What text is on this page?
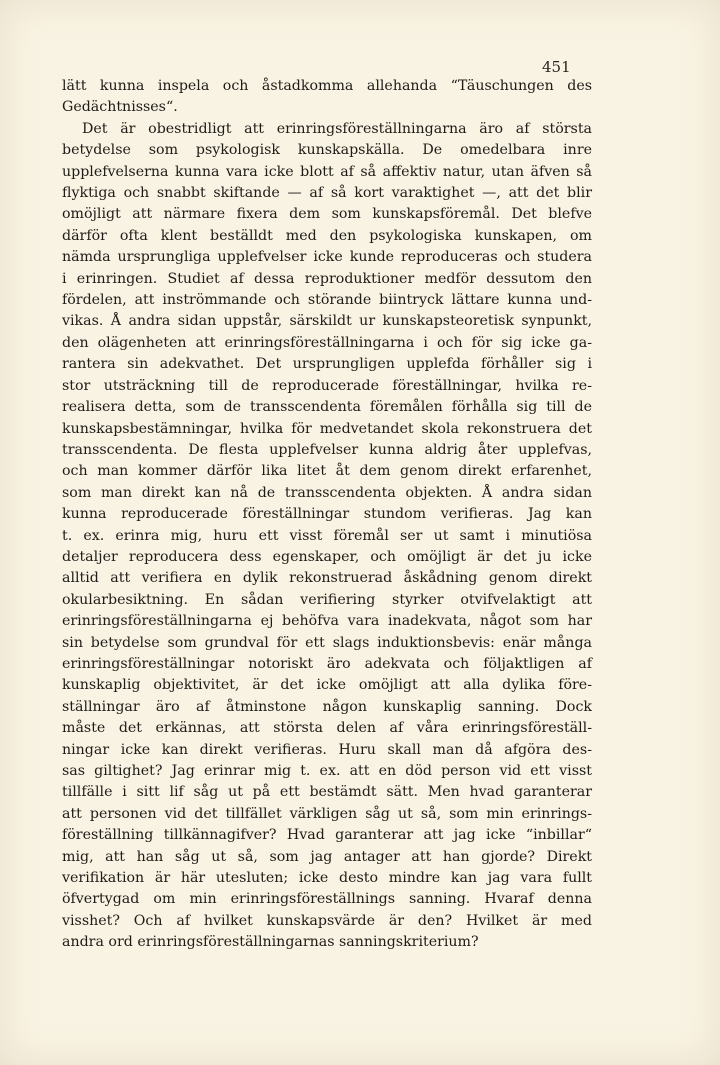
451
lätt kunna inspela och åstadkomma allehanda “Täuschungen des
Gedächtnisses“.
Det är obestridligt att erinringsföreställningarna äro af största
betydelse som psykologisk kunskapskälla. De omedelbara inre
upplefvelserna kunna vara icke blott af så affektiv natur, utan äfven så
flyktiga och snabbt skiftande — af så kort varaktighet —, att det blir
omöjligt att närmare fixera dem som kunskapsföremål. Det blefve
därför ofta klent beställdt med den psykologiska kunskapen, om
nämda ursprungliga upplefvelser icke kunde reproduceras och studera
i erinringen. Studiet af dessa reproduktioner medför dessutom den
fördelen, att inströmmande och störande biintryck lättare kunna und-
vikas. Å andra sidan uppstår, särskildt ur kunskapsteoretisk synpunkt,
den olägenheten att erinringsföreställningarna i och för sig icke ga-
rantera sin adekvathet. Det ursprungligen upplefda förhåller sig i
stor utsträckning till de reproducerade föreställningar, hvilka re-
realisera detta, som de transscendenta föremålen förhålla sig till de
kunskapsbestämningar, hvilka för medvetandet skola rekonstruera det
transscendenta. De flesta upplefvelser kunna aldrig åter upplefvas,
och man kommer därför lika litet åt dem genom direkt erfarenhet,
som man direkt kan nå de transscendenta objekten. Å andra sidan
kunna reproducerade föreställningar stundom verifieras. Jag kan
t. ex. erinra mig, huru ett visst föremål ser ut samt i minutiösa
detaljer reproducera dess egenskaper, och omöjligt är det ju icke
alltid att verifiera en dylik rekonstruerad åskådning genom direkt
okularbesiktning. En sådan verifiering styrker otvifvelaktigt att
erinringsföreställningarna ej behöfva vara inadekvata, något som har
sin betydelse som grundval för ett slags induktionsbevis: enär många
erinringsföreställningar notoriskt äro adekvata och följaktligen af
kunskaplig objektivitet, är det icke omöjligt att alla dylika före-
ställningar äro af åtminstone någon kunskaplig sanning. Dock
måste det erkännas, att största delen af våra erinringsföreställ-
ningar icke kan direkt verifieras. Huru skall man då afgöra des-
sas giltighet? Jag erinrar mig t. ex. att en död person vid ett visst
tillfälle i sitt lif såg ut på ett bestämdt sätt. Men hvad garanterar
att personen vid det tillfället värkligen såg ut så, som min erinrings-
föreställning tillkännagifver? Hvad garanterar att jag icke “inbillar“
mig, att han såg ut så, som jag antager att han gjorde? Direkt
verifikation är här utesluten; icke desto mindre kan jag vara fullt
öfvertygad om min erinringsföreställnings sanning. Hvaraf denna
visshet? Och af hvilket kunskapsvärde är den? Hvilket är med
andra ord erinringsföreställningarnas sanningskriterium?
